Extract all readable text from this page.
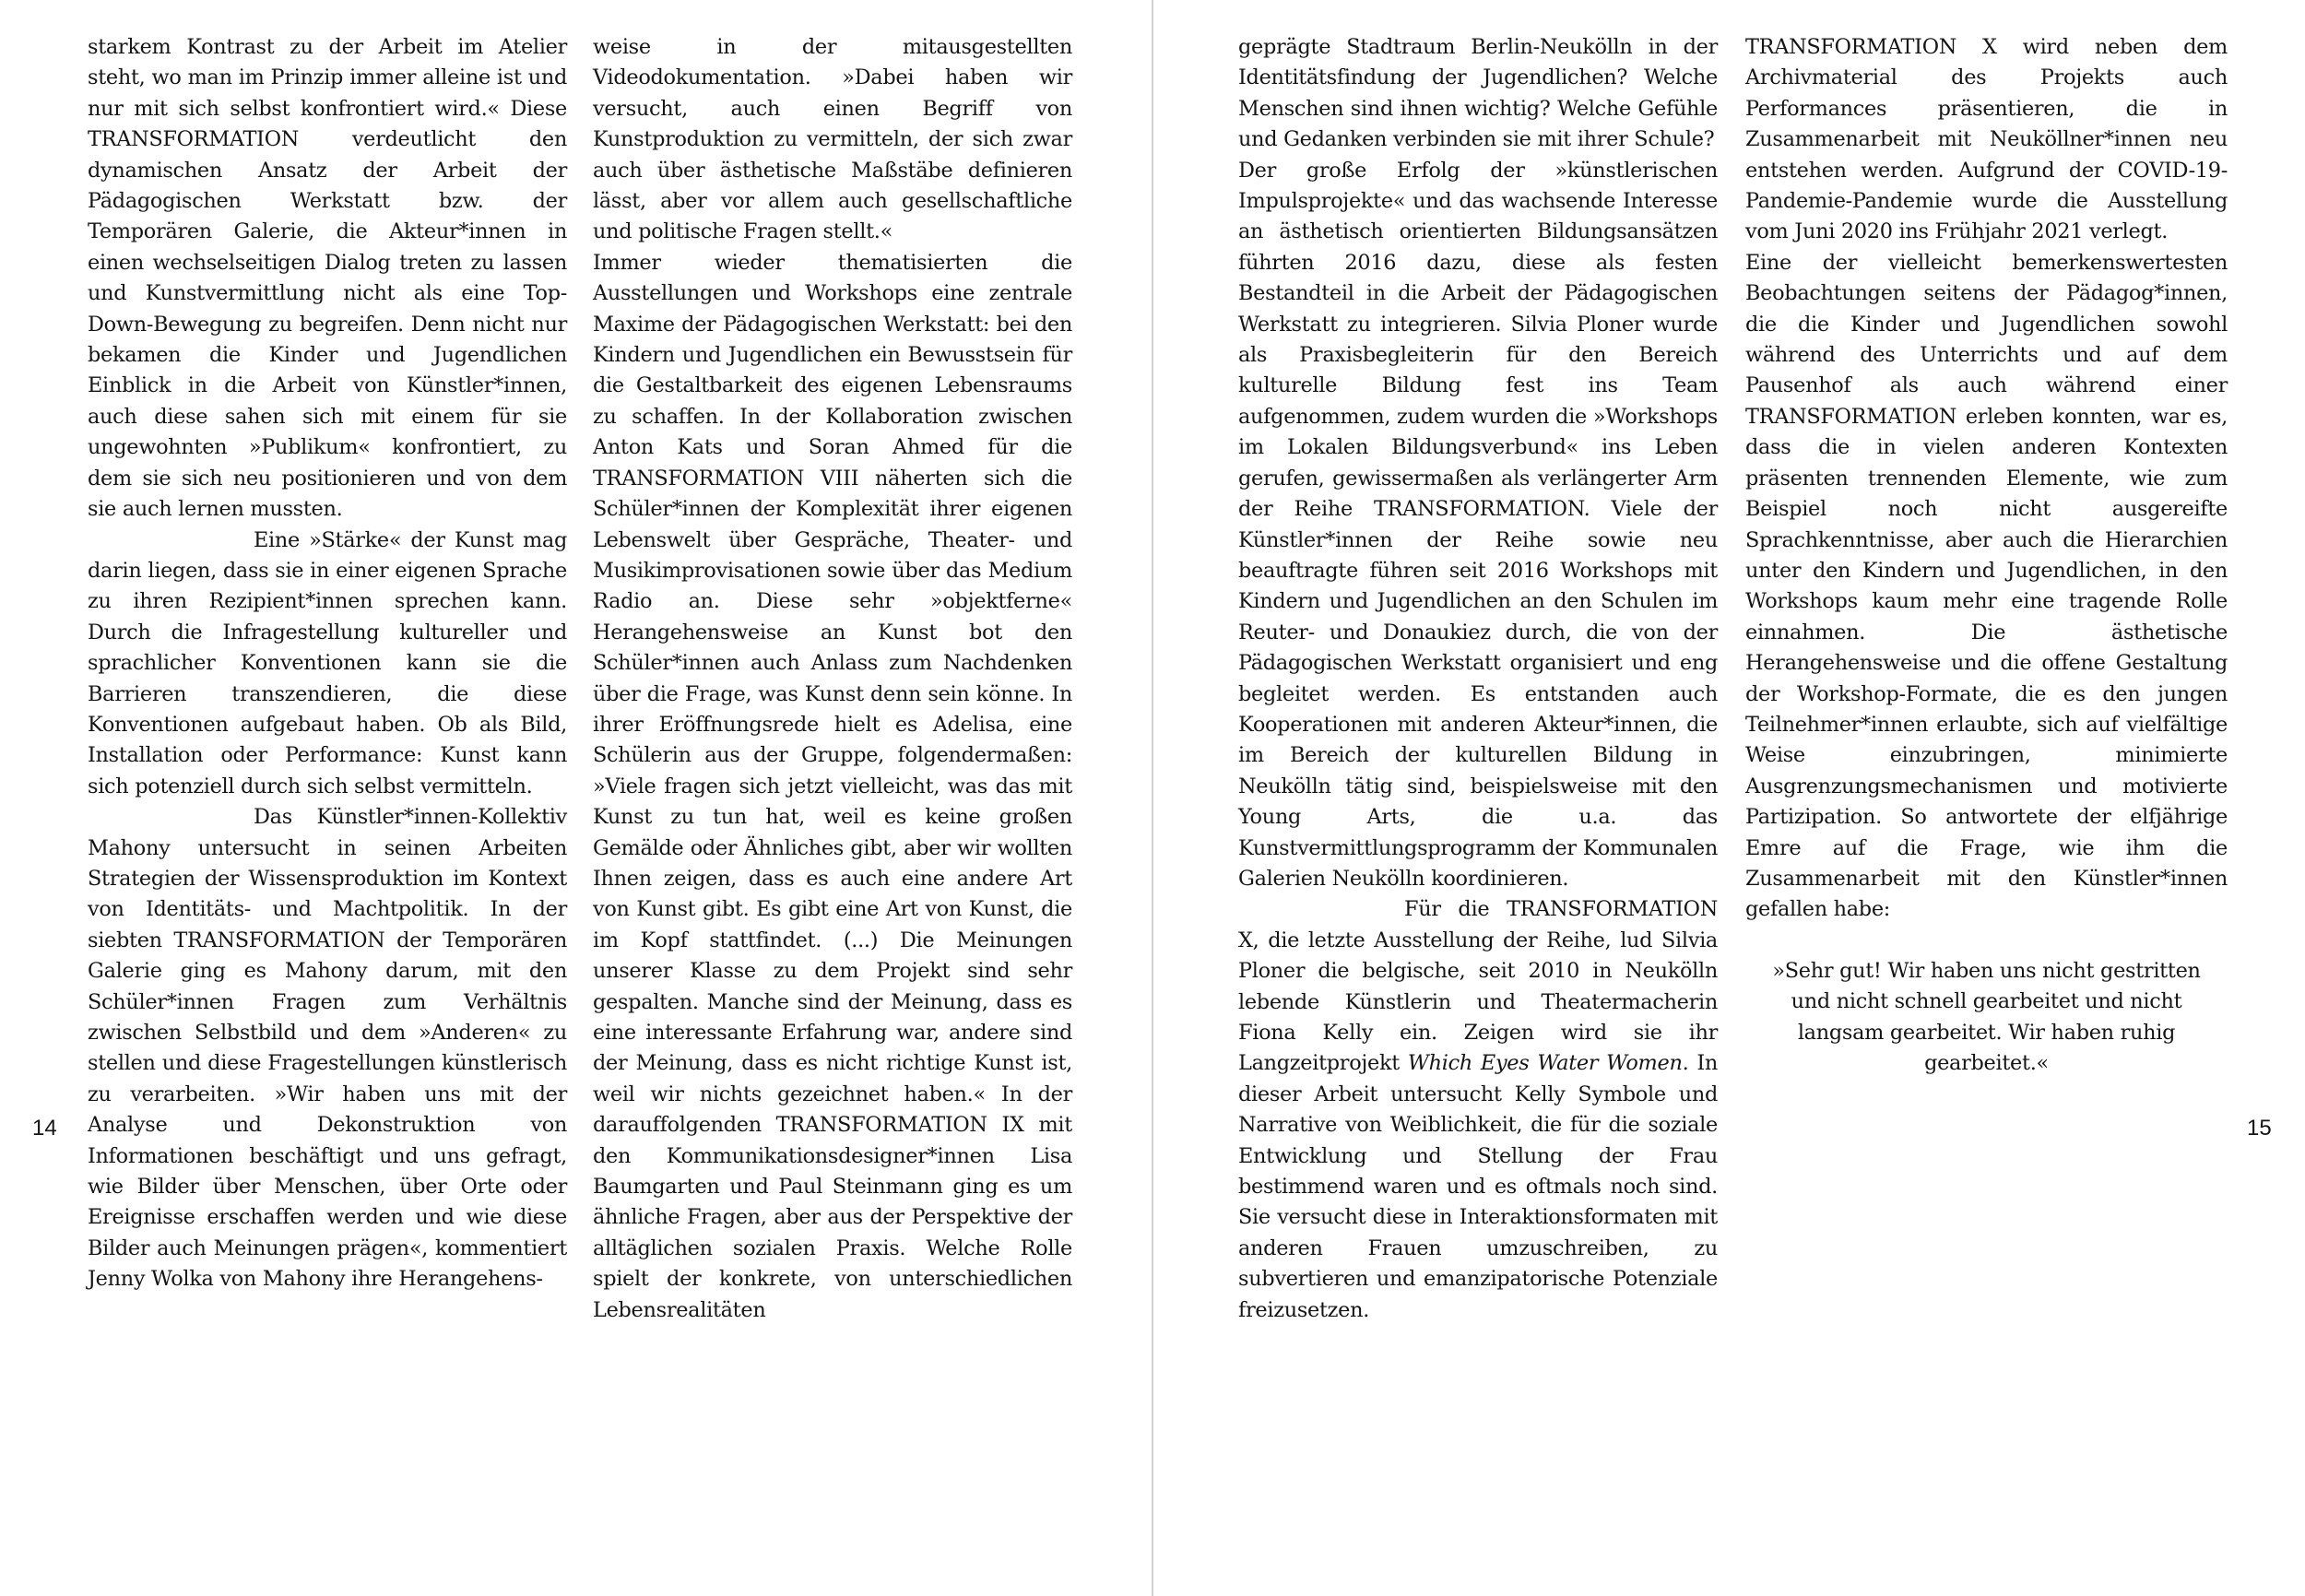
starkem Kontrast zu der Arbeit im Atelier steht, wo man im Prinzip immer alleine ist und nur mit sich selbst konfrontiert wird.« Diese TRANSFORMATION verdeutlicht den dynamischen Ansatz der Arbeit der Pädagogischen Werkstatt bzw. der Temporären Galerie, die Akteur*innen in einen wechselseitigen Dialog treten zu lassen und Kunstvermittlung nicht als eine Top-Down-Bewegung zu begreifen. Denn nicht nur bekamen die Kinder und Jugendlichen Einblick in die Arbeit von Künstler*innen, auch diese sahen sich mit einem für sie ungewohnten »Publikum« konfrontiert, zu dem sie sich neu positionieren und von dem sie auch lernen mussten.

Eine »Stärke« der Kunst mag darin liegen, dass sie in einer eigenen Sprache zu ihren Rezipient*innen sprechen kann. Durch die Infragestellung kultureller und sprachlicher Konventionen kann sie die Barrieren transzendieren, die diese Konventionen aufgebaut haben. Ob als Bild, Installation oder Performance: Kunst kann sich potenziell durch sich selbst vermitteln.

Das Künstler*innen-Kollektiv Mahony untersucht in seinen Arbeiten Strategien der Wissensproduktion im Kontext von Identitäts- und Machtpolitik. In der siebten TRANSFORMATION der Temporären Galerie ging es Mahony darum, mit den Schüler*innen Fragen zum Verhältnis zwischen Selbstbild und dem »Anderen« zu stellen und diese Fragestellungen künstlerisch zu verarbeiten. »Wir haben uns mit der Analyse und Dekonstruktion von Informationen beschäftigt und uns gefragt, wie Bilder über Menschen, über Orte oder Ereignisse erschaffen werden und wie diese Bilder auch Meinungen prägen«, kommentiert Jenny Wolka von Mahony ihre Herangehens-

weise in der mitausgestellten Videodokumentation. »Dabei haben wir versucht, auch einen Begriff von Kunstproduktion zu vermitteln, der sich zwar auch über ästhetische Maßstäbe definieren lässt, aber vor allem auch gesellschaftliche und politische Fragen stellt.«

Immer wieder thematisierten die Ausstellungen und Workshops eine zentrale Maxime der Pädagogischen Werkstatt: bei den Kindern und Jugendlichen ein Bewusstsein für die Gestaltbarkeit des eigenen Lebensraums zu schaffen. In der Kollaboration zwischen Anton Kats und Soran Ahmed für die TRANSFORMATION VIII näherten sich die Schüler*innen der Komplexität ihrer eigenen Lebenswelt über Gespräche, Theater- und Musikimprovisationen sowie über das Medium Radio an. Diese sehr »objektferne« Herangehensweise an Kunst bot den Schüler*innen auch Anlass zum Nachdenken über die Frage, was Kunst denn sein könne. In ihrer Eröffnungsrede hielt es Adelisa, eine Schülerin aus der Gruppe, folgendermaßen: »Viele fragen sich jetzt vielleicht, was das mit Kunst zu tun hat, weil es keine großen Gemälde oder Ähnliches gibt, aber wir wollten Ihnen zeigen, dass es auch eine andere Art von Kunst gibt. Es gibt eine Art von Kunst, die im Kopf stattfindet. (...) Die Meinungen unserer Klasse zu dem Projekt sind sehr gespalten. Manche sind der Meinung, dass es eine interessante Erfahrung war, andere sind der Meinung, dass es nicht richtige Kunst ist, weil wir nichts gezeichnet haben.« In der darauffolgenden TRANSFORMATION IX mit den Kommunikationsdesigner*innen Lisa Baumgarten und Paul Steinmann ging es um ähnliche Fragen, aber aus der Perspektive der alltäglichen sozialen Praxis. Welche Rolle spielt der konkrete, von unterschiedlichen Lebensrealitäten

geprägte Stadtraum Berlin-Neukölln in der Identitätsfindung der Jugendlichen? Welche Menschen sind ihnen wichtig? Welche Gefühle und Gedanken verbinden sie mit ihrer Schule?

Der große Erfolg der »künstlerischen Impulsprojekte« und das wachsende Interesse an ästhetisch orientierten Bildungsansätzen führten 2016 dazu, diese als festen Bestandteil in die Arbeit der Pädagogischen Werkstatt zu integrieren. Silvia Ploner wurde als Praxisbegleiterin für den Bereich kulturelle Bildung fest ins Team aufgenommen, zudem wurden die »Workshops im Lokalen Bildungsverbund« ins Leben gerufen, gewissermaßen als verlängerter Arm der Reihe TRANSFORMATION. Viele der Künstler*innen der Reihe sowie neu beauftragte führen seit 2016 Workshops mit Kindern und Jugendlichen an den Schulen im Reuter- und Donaukiez durch, die von der Pädagogischen Werkstatt organisiert und eng begleitet werden. Es entstanden auch Kooperationen mit anderen Akteur*innen, die im Bereich der kulturellen Bildung in Neukölln tätig sind, beispielsweise mit den Young Arts, die u.a. das Kunstvermittlungsprogramm der Kommunalen Galerien Neukölln koordinieren.

Für die TRANSFORMATION X, die letzte Ausstellung der Reihe, lud Silvia Ploner die belgische, seit 2010 in Neukölln lebende Künstlerin und Theatermacherin Fiona Kelly ein. Zeigen wird sie ihr Langzeitprojekt Which Eyes Water Women. In dieser Arbeit untersucht Kelly Symbole und Narrative von Weiblichkeit, die für die soziale Entwicklung und Stellung der Frau bestimmend waren und es oftmals noch sind. Sie versucht diese in Interaktionsformaten mit anderen Frauen umzuschreiben, zu subvertieren und emanzipatorische Potenziale freizusetzen.

TRANSFORMATION X wird neben dem Archivmaterial des Projekts auch Performances präsentieren, die in Zusammenarbeit mit Neuköllner*innen neu entstehen werden. Aufgrund der COVID-19-Pandemie-Pandemie wurde die Ausstellung vom Juni 2020 ins Frühjahr 2021 verlegt.

Eine der vielleicht bemerkenswertesten Beobachtungen seitens der Pädagog*innen, die die Kinder und Jugendlichen sowohl während des Unterrichts und auf dem Pausenhof als auch während einer TRANSFORMATION erleben konnten, war es, dass die in vielen anderen Kontexten präsenten trennenden Elemente, wie zum Beispiel noch nicht ausgereifte Sprachkenntnisse, aber auch die Hierarchien unter den Kindern und Jugendlichen, in den Workshops kaum mehr eine tragende Rolle einnahmen. Die ästhetische Herangehensweise und die offene Gestaltung der Workshop-Formate, die es den jungen Teilnehmer*innen erlaubte, sich auf vielfältige Weise einzubringen, minimierte Ausgrenzungsmechanismen und motivierte Partizipation. So antwortete der elfjährige Emre auf die Frage, wie ihm die Zusammenarbeit mit den Künstler*innen gefallen habe:

»Sehr gut! Wir haben uns nicht gestritten und nicht schnell gearbeitet und nicht langsam gearbeitet. Wir haben ruhig gearbeitet.«

14	15
